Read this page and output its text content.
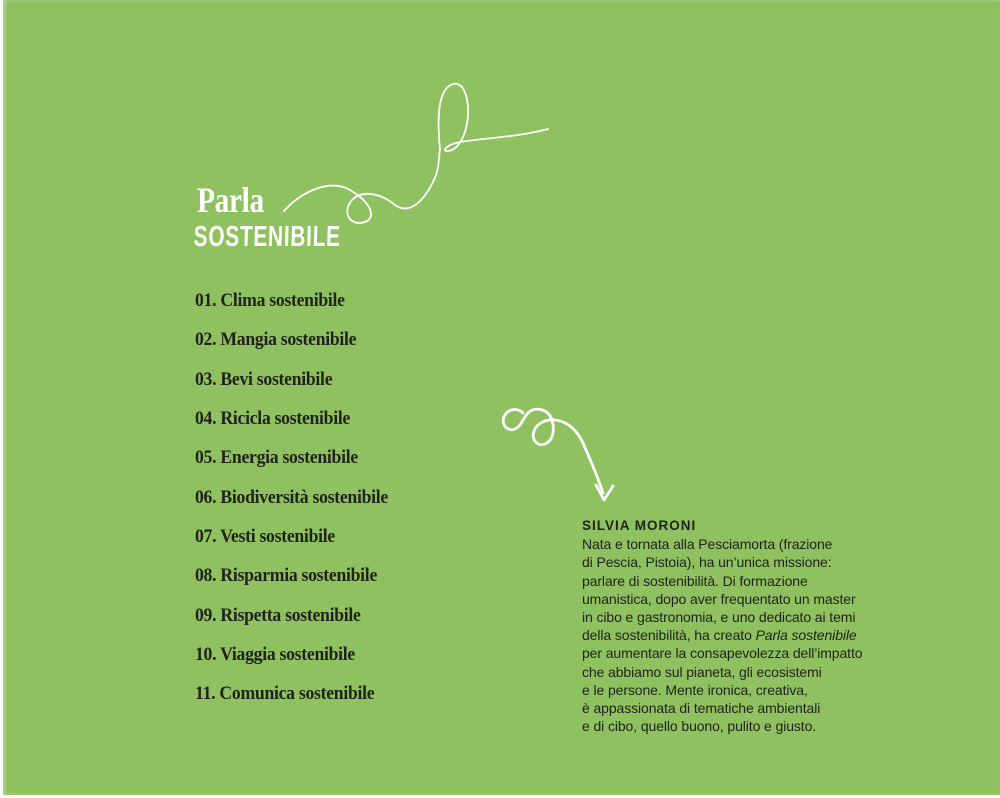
Parla
SOSTENIBILE
01. Clima sostenibile
02. Mangia sostenibile
03. Bevi sostenibile
04. Ricicla sostenibile
05. Energia sostenibile
06. Biodiversità sostenibile
07. Vesti sostenibile
08. Risparmia sostenibile
09. Rispetta sostenibile
10. Viaggia sostenibile
11. Comunica sostenibile
SILVIA MORONI
Nata e tornata alla Pesciamorta (frazione
di Pescia, Pistoia), ha un’unica missione:
parlare di sostenibilità. Di formazione
umanistica, dopo aver frequentato un master
in cibo e gastronomia, e uno dedicato ai temi
della sostenibilità, ha creato Parla sostenibile
per aumentare la consapevolezza dell’impatto
che abbiamo sul pianeta, gli ecosistemi
e le persone. Mente ironica, creativa,
è appassionata di tematiche ambientali
e di cibo, quello buono, pulito e giusto.
